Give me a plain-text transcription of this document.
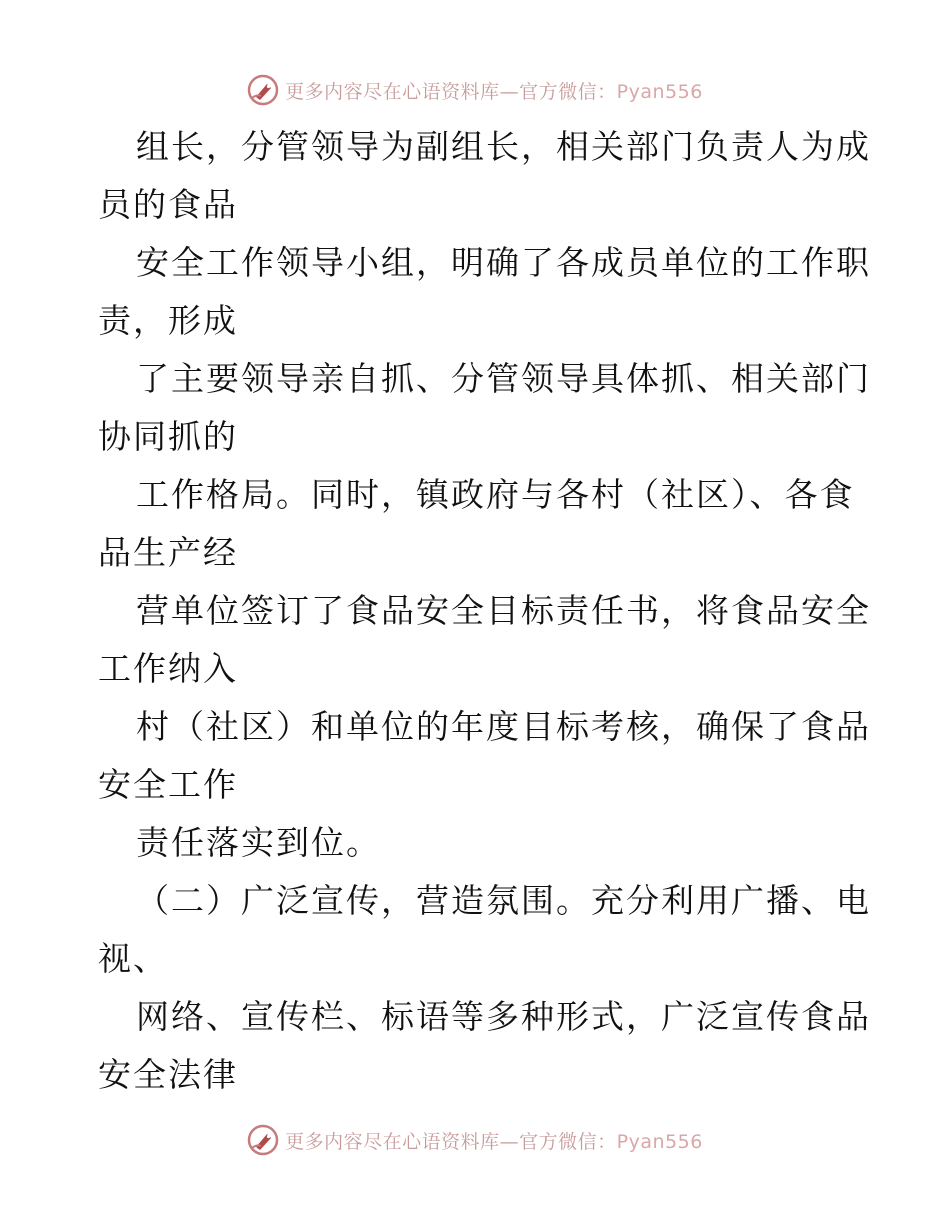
更多内容尽在心语资料库—官方微信：Pyan556
组长，分管领导为副组长，相关部门负责人为成
员的食品
安全工作领导小组，明确了各成员单位的工作职
责，形成
了主要领导亲自抓、分管领导具体抓、相关部门
协同抓的
工作格局。同时，镇政府与各村（社区）、各食
品生产经
营单位签订了食品安全目标责任书，将食品安全
工作纳入
村（社区）和单位的年度目标考核，确保了食品
安全工作
责任落实到位。
（二）广泛宣传，营造氛围。充分利用广播、电
视、
网络、宣传栏、标语等多种形式，广泛宣传食品
安全法律
更多内容尽在心语资料库—官方微信：Pyan556
